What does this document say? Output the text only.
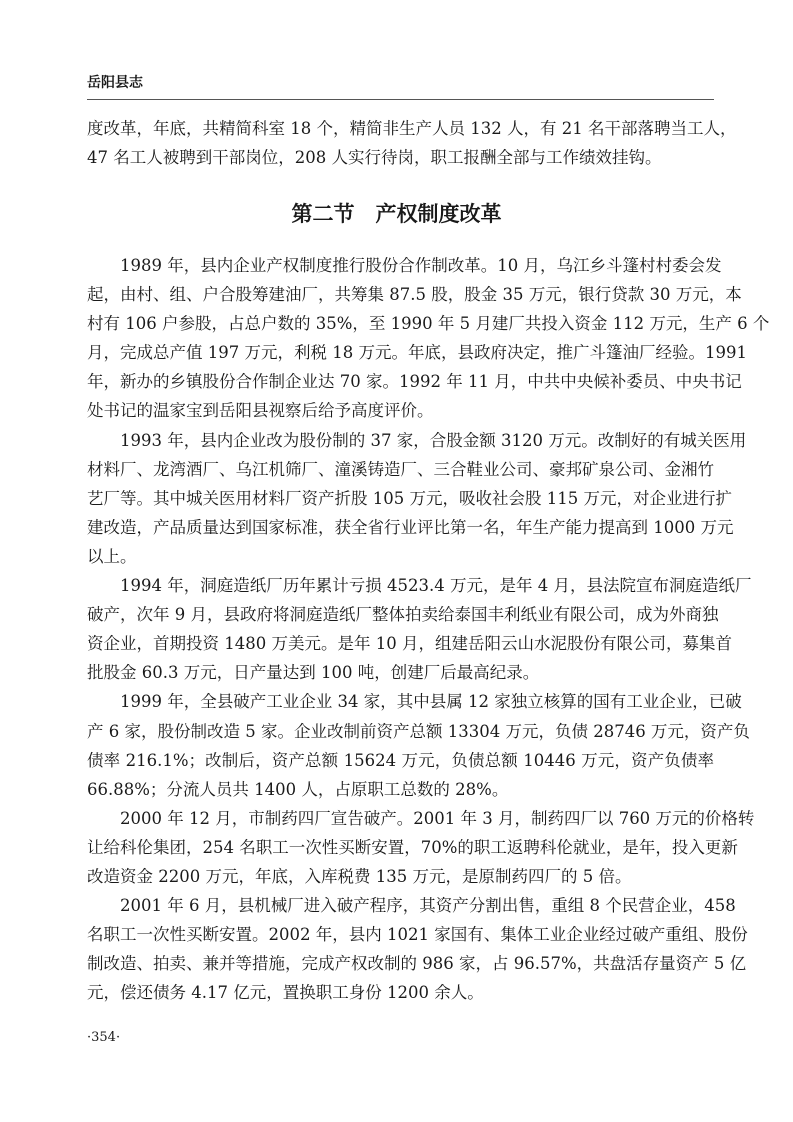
岳阳县志
度改革，年底，共精简科室 18 个，精简非生产人员 132 人，有 21 名干部落聘当工人，
47 名工人被聘到干部岗位，208 人实行待岗，职工报酬全部与工作绩效挂钩。
第二节　产权制度改革
1989 年，县内企业产权制度推行股份合作制改革。10 月，乌江乡斗篷村村委会发
起，由村、组、户合股筹建油厂，共筹集 87.5 股，股金 35 万元，银行贷款 30 万元，本
村有 106 户参股，占总户数的 35%，至 1990 年 5 月建厂共投入资金 112 万元，生产 6 个
月，完成总产值 197 万元，利税 18 万元。年底，县政府决定，推广斗篷油厂经验。1991
年，新办的乡镇股份合作制企业达 70 家。1992 年 11 月，中共中央候补委员、中央书记
处书记的温家宝到岳阳县视察后给予高度评价。
1993 年，县内企业改为股份制的 37 家，合股金额 3120 万元。改制好的有城关医用
材料厂、龙湾酒厂、乌江机筛厂、潼溪铸造厂、三合鞋业公司、豪邦矿泉公司、金湘竹
艺厂等。其中城关医用材料厂资产折股 105 万元，吸收社会股 115 万元，对企业进行扩
建改造，产品质量达到国家标准，获全省行业评比第一名，年生产能力提高到 1000 万元
以上。
1994 年，洞庭造纸厂历年累计亏损 4523.4 万元，是年 4 月，县法院宣布洞庭造纸厂
破产，次年 9 月，县政府将洞庭造纸厂整体拍卖给泰国丰利纸业有限公司，成为外商独
资企业，首期投资 1480 万美元。是年 10 月，组建岳阳云山水泥股份有限公司，募集首
批股金 60.3 万元，日产量达到 100 吨，创建厂后最高纪录。
1999 年，全县破产工业企业 34 家，其中县属 12 家独立核算的国有工业企业，已破
产 6 家，股份制改造 5 家。企业改制前资产总额 13304 万元，负债 28746 万元，资产负
债率 216.1%；改制后，资产总额 15624 万元，负债总额 10446 万元，资产负债率
66.88%；分流人员共 1400 人，占原职工总数的 28%。
2000 年 12 月，市制药四厂宣告破产。2001 年 3 月，制药四厂以 760 万元的价格转
让给科伦集团，254 名职工一次性买断安置，70%的职工返聘科伦就业，是年，投入更新
改造资金 2200 万元，年底，入库税费 135 万元，是原制药四厂的 5 倍。
2001 年 6 月，县机械厂进入破产程序，其资产分割出售，重组 8 个民营企业，458
名职工一次性买断安置。2002 年，县内 1021 家国有、集体工业企业经过破产重组、股份
制改造、拍卖、兼并等措施，完成产权改制的 986 家，占 96.57%，共盘活存量资产 5 亿
元，偿还债务 4.17 亿元，置换职工身份 1200 余人。
·354·
